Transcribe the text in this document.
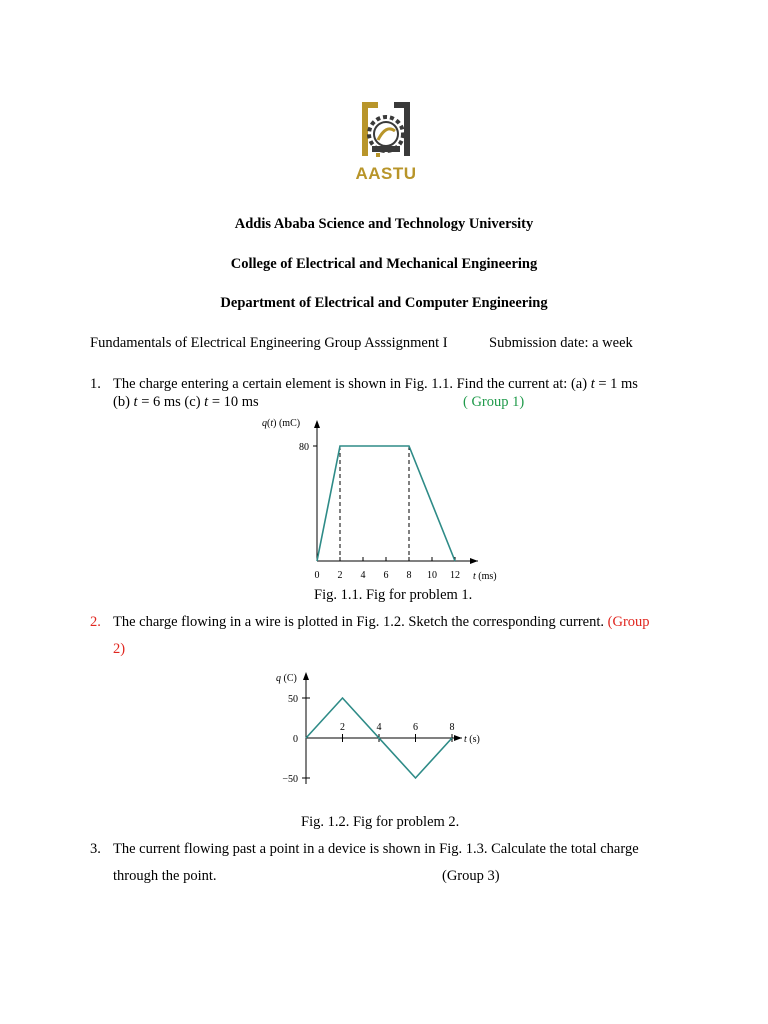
AASTU
Addis Ababa Science and Technology University
College of Electrical and Mechanical Engineering
Department of Electrical and Computer Engineering
Fundamentals of Electrical Engineering Group Asssignment I	Submission date: a week
1. The charge entering a certain element is shown in Fig. 1.1. Find the current at: (a) t = 1 ms
(b) t = 6 ms (c) t = 10 ms	( Group 1)
80
q(t) (mC)
0 2 4 6 8 10 12 t (ms)
Fig. 1.1. Fig for problem 1.
2. The charge flowing in a wire is plotted in Fig. 1.2. Sketch the corresponding current. (Group
2)
q (C)
50
0
−50
2	4	6	8
t (s)
Fig. 1.2. Fig for problem 2.
3. The current flowing past a point in a device is shown in Fig. 1.3. Calculate the total charge
through the point.	(Group 3)
